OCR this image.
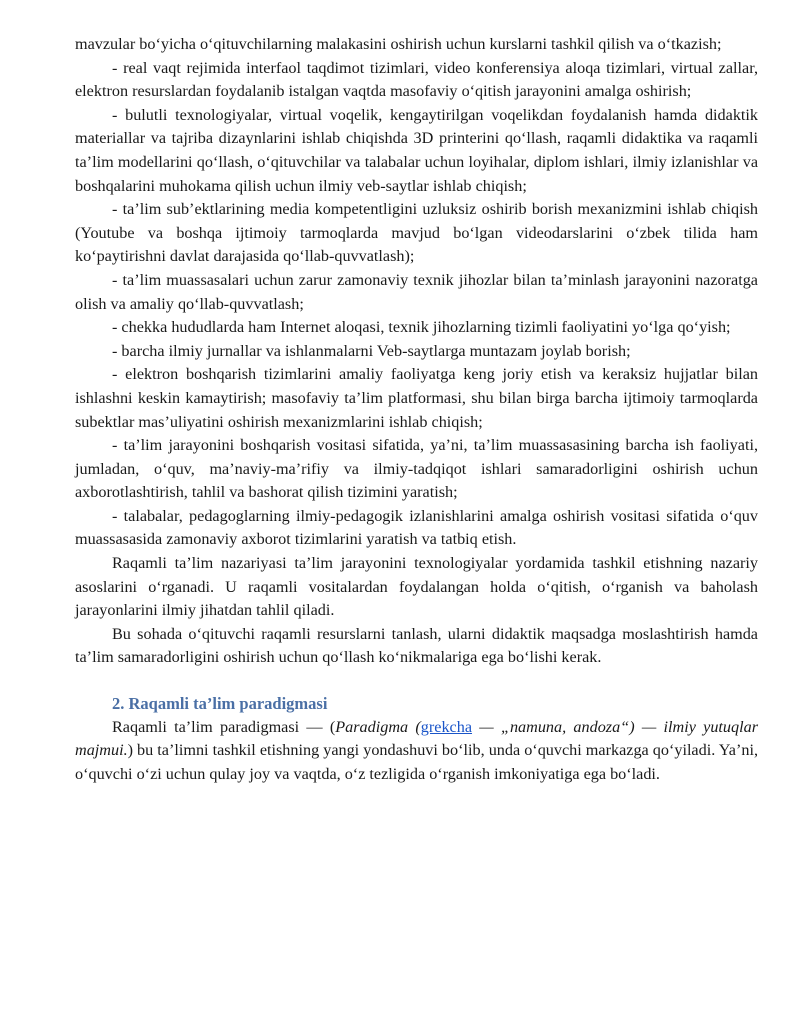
mavzular bo‘yicha o‘qituvchilarning malakasini oshirish uchun kurslarni tashkil qilish va o‘tkazish;

- real vaqt rejimida interfaol taqdimot tizimlari, video konferensiya aloqa tizimlari, virtual zallar, elektron resurslardan foydalanib istalgan vaqtda masofaviy o‘qitish jarayonini amalga oshirish;

- bulutli texnologiyalar, virtual voqelik, kengaytirilgan voqelikdan foydalanish hamda didaktik materiallar va tajriba dizaynlarini ishlab chiqishda 3D printerini qo‘llash, raqamli didaktika va raqamli ta’lim modellarini qo‘llash, o‘qituvchilar va talabalar uchun loyihalar, diplom ishlari, ilmiy izlanishlar va boshqalarini muhokama qilish uchun ilmiy veb-saytlar ishlab chiqish;

- ta’lim sub’ektlarining media kompetentligini uzluksiz oshirib borish mexanizmini ishlab chiqish (Youtube va boshqa ijtimoiy tarmoqlarda mavjud bo‘lgan videodarslarini o‘zbek tilida ham ko‘paytirishni davlat darajasida qo‘llab-quvvatlash);

- ta’lim muassasalari uchun zarur zamonaviy texnik jihozlar bilan ta’minlash jarayonini nazoratga olish va amaliy qo‘llab-quvvatlash;

- chekka hududlarda ham Internet aloqasi, texnik jihozlarning tizimli faoliyatini yo‘lga qo‘yish;

- barcha ilmiy jurnallar va ishlanmalarni Veb-saytlarga muntazam joylab borish;

- elektron boshqarish tizimlarini amaliy faoliyatga keng joriy etish va keraksiz hujjatlar bilan ishlashni keskin kamaytirish; masofaviy ta’lim platformasi, shu bilan birga barcha ijtimoiy tarmoqlarda subektlar mas’uliyatini oshirish mexanizmlarini ishlab chiqish;

- ta’lim jarayonini boshqarish vositasi sifatida, ya’ni, ta’lim muassasasining barcha ish faoliyati, jumladan, o‘quv, ma’naviy-ma’rifiy va ilmiy-tadqiqot ishlari samaradorligini oshirish uchun axborotlashtirish, tahlil va bashorat qilish tizimini yaratish;

- talabalar, pedagoglarning ilmiy-pedagogik izlanishlarini amalga oshirish vositasi sifatida o‘quv muassasasida zamonaviy axborot tizimlarini yaratish va tatbiq etish.

Raqamli ta’lim nazariyasi ta’lim jarayonini texnologiyalar yordamida tashkil etishning nazariy asoslarini o‘rganadi. U raqamli vositalardan foydalangan holda o‘qitish, o‘rganish va baholash jarayonlarini ilmiy jihatdan tahlil qiladi.

Bu sohada o‘qituvchi raqamli resurslarni tanlash, ularni didaktik maqsadga moslashtirish hamda ta’lim samaradorligini oshirish uchun qo‘llash ko‘nikmalariga ega bo‘lishi kerak.

2. Raqamli ta’lim paradigmasi

Raqamli ta’lim paradigmasi — (Paradigma (grekcha — „namuna, andoza“) — ilmiy yutuqlar majmui.) bu ta’limni tashkil etishning yangi yondashuvi bo‘lib, unda o‘quvchi markazga qo‘yiladi. Ya’ni, o‘quvchi o‘zi uchun qulay joy va vaqtda, o‘z tezligida o‘rganish imkoniyatiga ega bo‘ladi.
